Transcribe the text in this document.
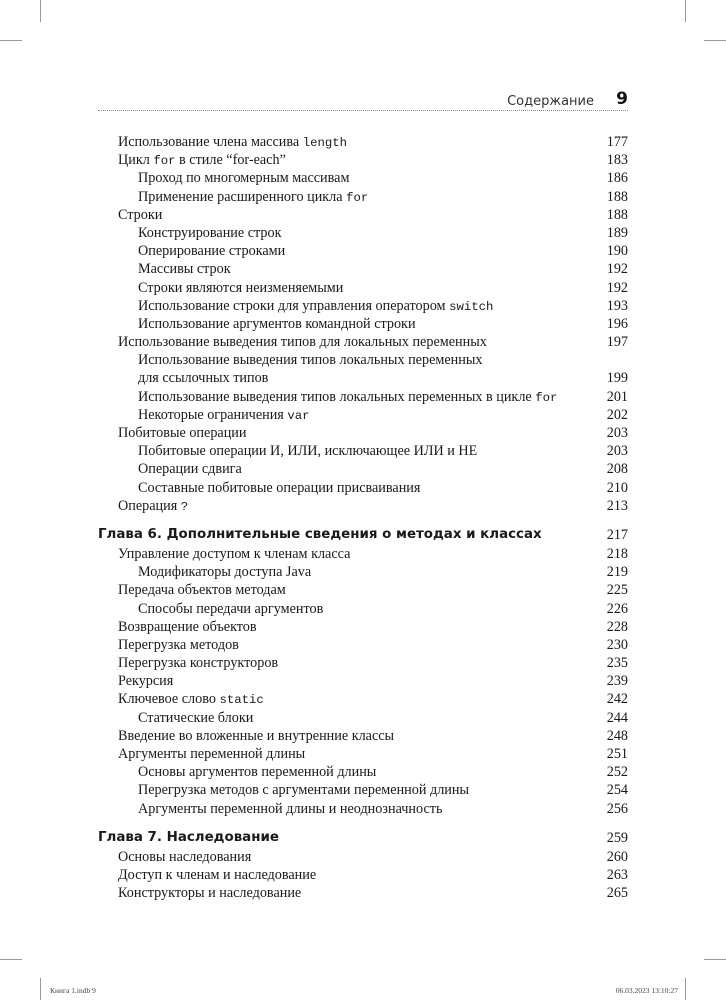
Содержание 9
Использование члена массива length	177
Цикл for в стиле “for-each”	183
Проход по многомерным массивам	186
Применение расширенного цикла for	188
Строки	188
Конструирование строк	189
Оперирование строками	190
Массивы строк	192
Строки являются неизменяемыми	192
Использование строки для управления оператором switch	193
Использование аргументов командной строки	196
Использование выведения типов для локальных переменных	197
Использование выведения типов локальных переменных
для ссылочных типов	199
Использование выведения типов локальных переменных в цикле for	201
Некоторые ограничения var	202
Побитовые операции	203
Побитовые операции И, ИЛИ, исключающее ИЛИ и НЕ	203
Операции сдвига	208
Составные побитовые операции присваивания	210
Операция ?	213
Глава 6. Дополнительные сведения о методах и классах	217
Управление доступом к членам класса	218
Модификаторы доступа Java	219
Передача объектов методам	225
Способы передачи аргументов	226
Возвращение объектов	228
Перегрузка методов	230
Перегрузка конструкторов	235
Рекурсия	239
Ключевое слово static	242
Статические блоки	244
Введение во вложенные и внутренние классы	248
Аргументы переменной длины	251
Основы аргументов переменной длины	252
Перегрузка методов с аргументами переменной длины	254
Аргументы переменной длины и неоднозначность	256
Глава 7. Наследование	259
Основы наследования	260
Доступ к членам и наследование	263
Конструкторы и наследование	265
Книга 1.indb 9	06.03.2023 13:10:27
